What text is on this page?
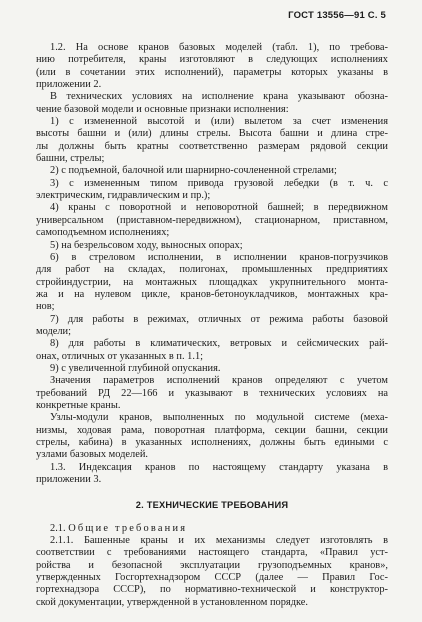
ГОСТ 13556—91 С. 5
1.2. На основе кранов базовых моделей (табл. 1), по требова-
нию потребителя, краны изготовляют в следующих исполнениях
(или в сочетании этих исполнений), параметры которых указаны в
приложении 2.
В технических условиях на исполнение крана указывают обозна-
чение базовой модели и основные признаки исполнения:
1) с измененной высотой и (или) вылетом за счет изменения
высоты башни и (или) длины стрелы. Высота башни и длина стре-
лы должны быть кратны соответственно размерам рядовой секции
башни, стрелы;
2) с подъемной, балочной или шарнирно-сочлененной стрелами;
3) с измененным типом привода грузовой лебедки (в т. ч. с
электрическим, гидравлическим и пр.);
4) краны с поворотной и неповоротной башней; в передвижном
универсальном (приставном-передвижном), стационарном, приставном,
самоподъемном исполнениях;
5) на безрельсовом ходу, выносных опорах;
6) в стреловом исполнении, в исполнении кранов-погрузчиков
для работ на складах, полигонах, промышленных предприятиях
стройиндустрии, на монтажных площадках укрупнительного монта-
жа и на нулевом цикле, кранов-бетоноукладчиков, монтажных кра-
нов;
7) для работы в режимах, отличных от режима работы базовой
модели;
8) для работы в климатических, ветровых и сейсмических рай-
онах, отличных от указанных в п. 1.1;
9) с увеличенной глубиной опускания.
Значения параметров исполнений кранов определяют с учетом
требований РД 22—166 и указывают в технических условиях на
конкретные краны.
Узлы-модули кранов, выполненных по модульной системе (меха-
низмы, ходовая рама, поворотная платформа, секции башни, секции
стрелы, кабина) в указанных исполнениях, должны быть едиными с
узлами базовых моделей.
1.3. Индексация кранов по настоящему стандарту указана в
приложении 3.
2. ТЕХНИЧЕСКИЕ ТРЕБОВАНИЯ
2.1. Общие требования
2.1.1. Башенные краны и их механизмы следует изготовлять в
соответствии с требованиями настоящего стандарта, «Правил уст-
ройства и безопасной эксплуатации грузоподъемных кранов»,
утвержденных Госгортехнадзором СССР (далее — Правил Гос-
гортехнадзора СССР), по нормативно-технической и конструктор-
ской документации, утвержденной в установленном порядке.
